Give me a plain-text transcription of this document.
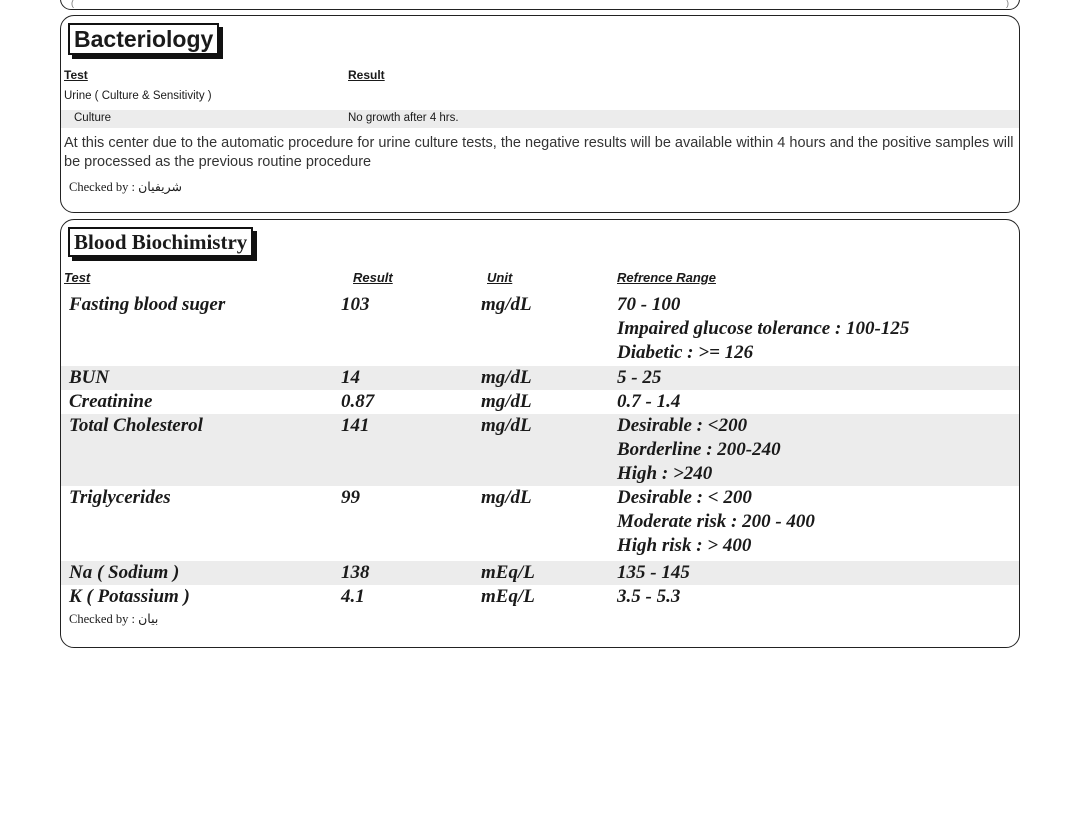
(	)
Bacteriology
Test	Result
Urine ( Culture & Sensitivity )
Culture	No growth after 4 hrs.
At this center due to the automatic procedure for urine culture tests, the negative results will be available within 4 hours and the positive samples will be processed as the previous routine procedure
Checked by : شريفيان
Blood Biochimistry
Test	Result	Unit	Refrence Range
Fasting blood suger	103	mg/dL	70 - 100
Impaired glucose tolerance : 100-125
Diabetic : >= 126
BUN	14	mg/dL	5 - 25
Creatinine	0.87	mg/dL	0.7 - 1.4
Total Cholesterol	141	mg/dL	Desirable : <200
Borderline : 200-240
High : >240
Triglycerides	99	mg/dL	Desirable : < 200
Moderate risk : 200 - 400
High risk : > 400
Na ( Sodium )	138	mEq/L	135 - 145
K ( Potassium )	4.1	mEq/L	3.5 - 5.3
Checked by : بيان
